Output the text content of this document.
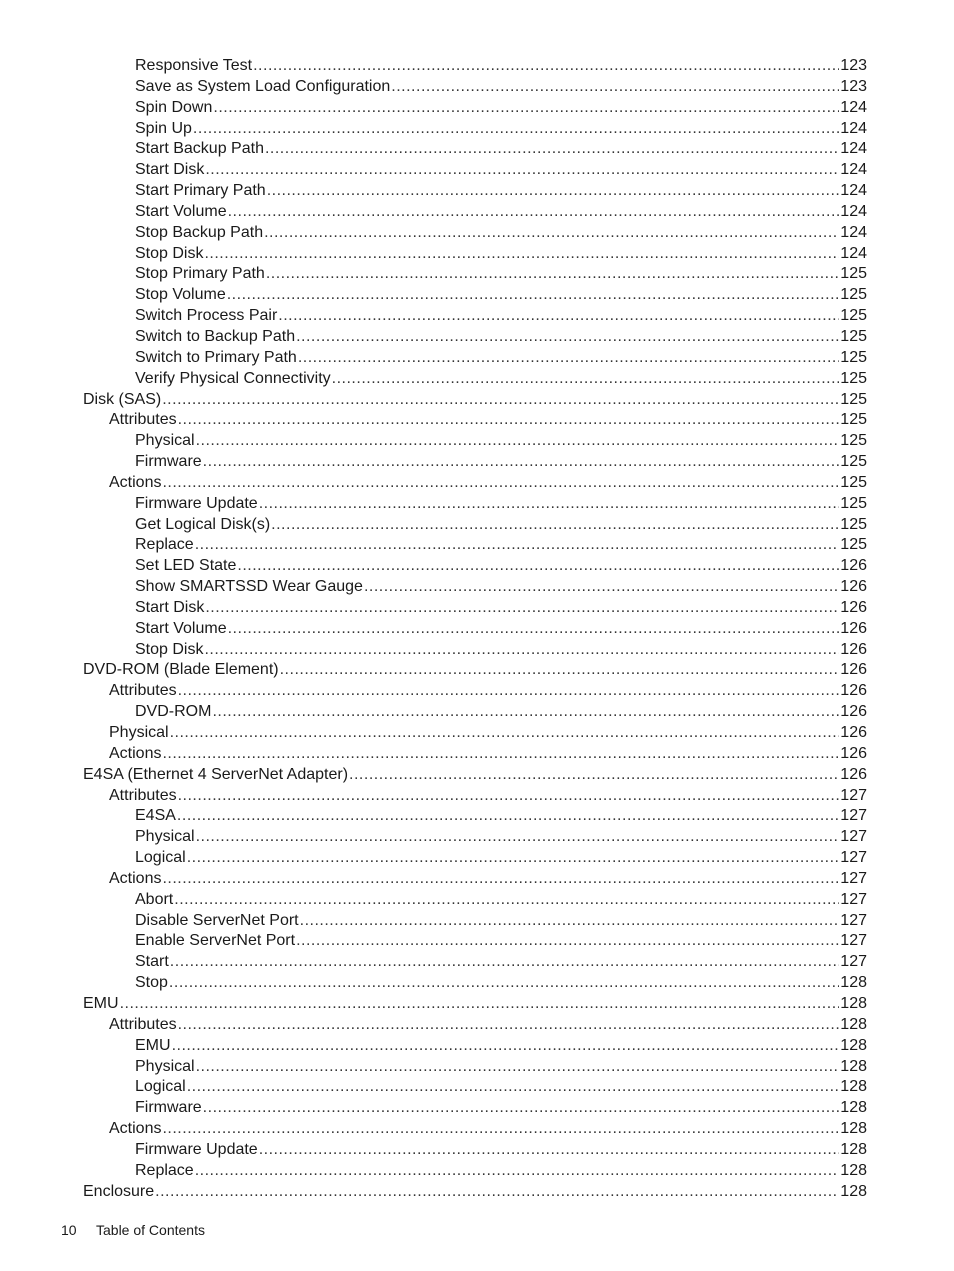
Responsive Test .....	123
Save as System Load Configuration .....	123
Spin Down .....	124
Spin Up .....	124
Start Backup Path .....	124
Start Disk .....	124
Start Primary Path .....	124
Start Volume .....	124
Stop Backup Path .....	124
Stop Disk .....	124
Stop Primary Path .....	125
Stop Volume .....	125
Switch Process Pair .....	125
Switch to Backup Path .....	125
Switch to Primary Path .....	125
Verify Physical Connectivity .....	125
Disk (SAS) .....	125
Attributes .....	125
Physical .....	125
Firmware .....	125
Actions .....	125
Firmware Update .....	125
Get Logical Disk(s) .....	125
Replace .....	125
Set LED State .....	126
Show SMARTSSD Wear Gauge .....	126
Start Disk .....	126
Start Volume .....	126
Stop Disk .....	126
DVD-ROM (Blade Element) .....	126
Attributes .....	126
DVD-ROM .....	126
Physical .....	126
Actions .....	126
E4SA (Ethernet 4 ServerNet Adapter) .....	126
Attributes .....	127
E4SA .....	127
Physical .....	127
Logical .....	127
Actions .....	127
Abort .....	127
Disable ServerNet Port .....	127
Enable ServerNet Port .....	127
Start .....	127
Stop .....	128
EMU .....	128
Attributes .....	128
EMU .....	128
Physical .....	128
Logical .....	128
Firmware .....	128
Actions .....	128
Firmware Update .....	128
Replace .....	128
Enclosure .....	128
10 Table of Contents
